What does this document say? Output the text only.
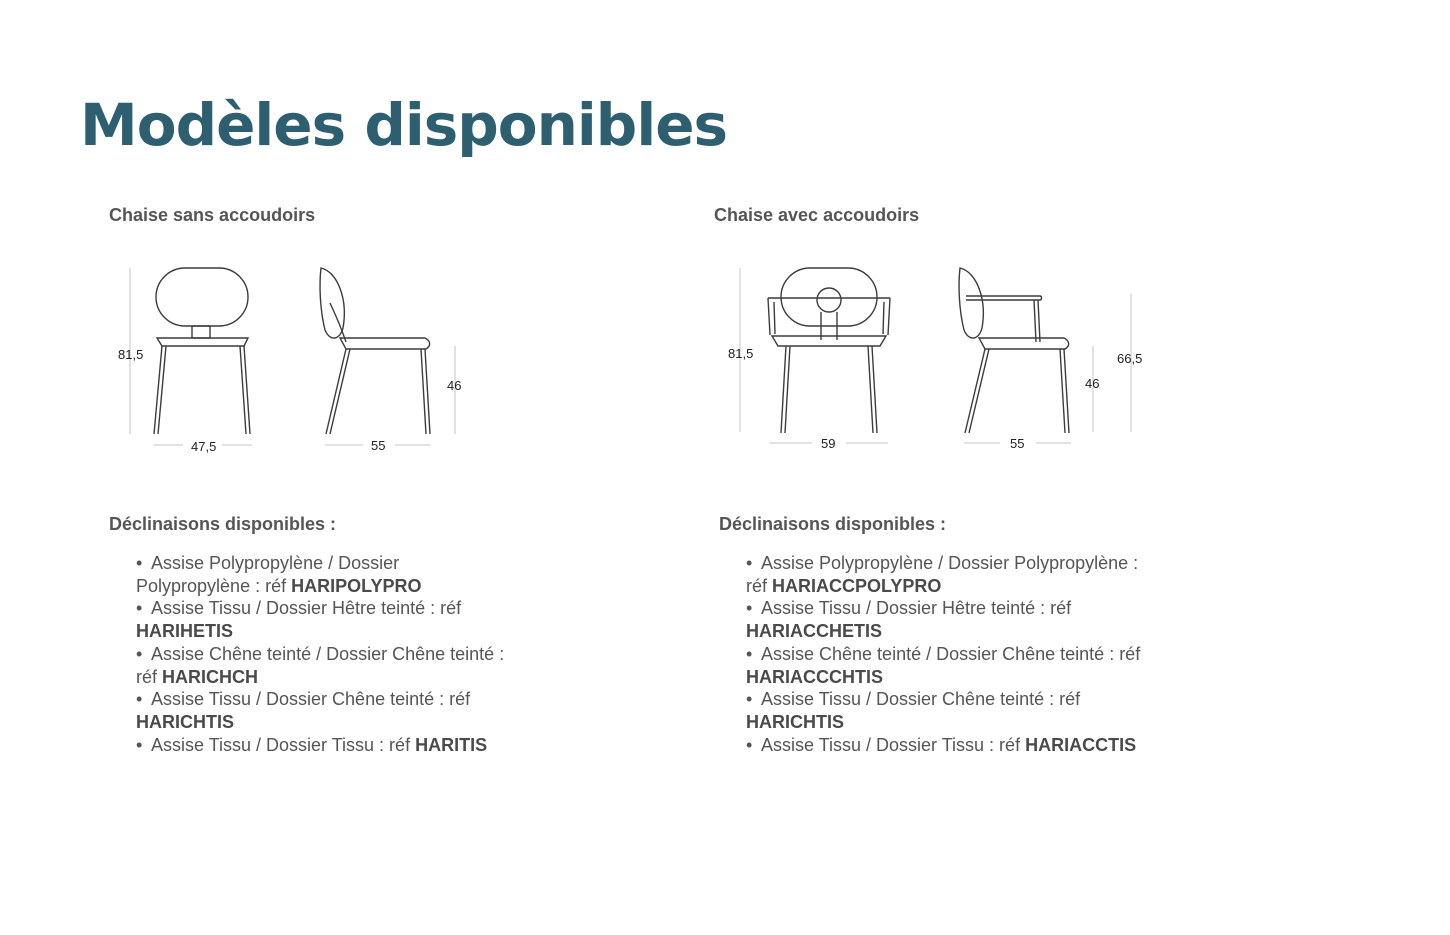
Modèles disponibles
Chaise sans accoudoirs
81,5
47,5	55
46
81,5
59	55
46
66,5
Déclinaisons disponibles :
• Assise Polypropylène / Dossier
Polypropylène : réf HARIPOLYPRO
• Assise Tissu / Dossier Hêtre teinté : réf
HARIHETIS
• Assise Chêne teinté / Dossier Chêne teinté :
réf HARICHCH
• Assise Tissu / Dossier Chêne teinté : réf
HARICHTIS
• Assise Tissu / Dossier Tissu : réf HARITIS
Chaise avec accoudoirs
Déclinaisons disponibles :
• Assise Polypropylène / Dossier Polypropylène :
réf HARIACCPOLYPRO
• Assise Tissu / Dossier Hêtre teinté : réf
HARIACCHETIS
• Assise Chêne teinté / Dossier Chêne teinté : réf
HARIACCCHTIS
• Assise Tissu / Dossier Chêne teinté : réf
HARICHTIS
• Assise Tissu / Dossier Tissu : réf HARIACCTIS
